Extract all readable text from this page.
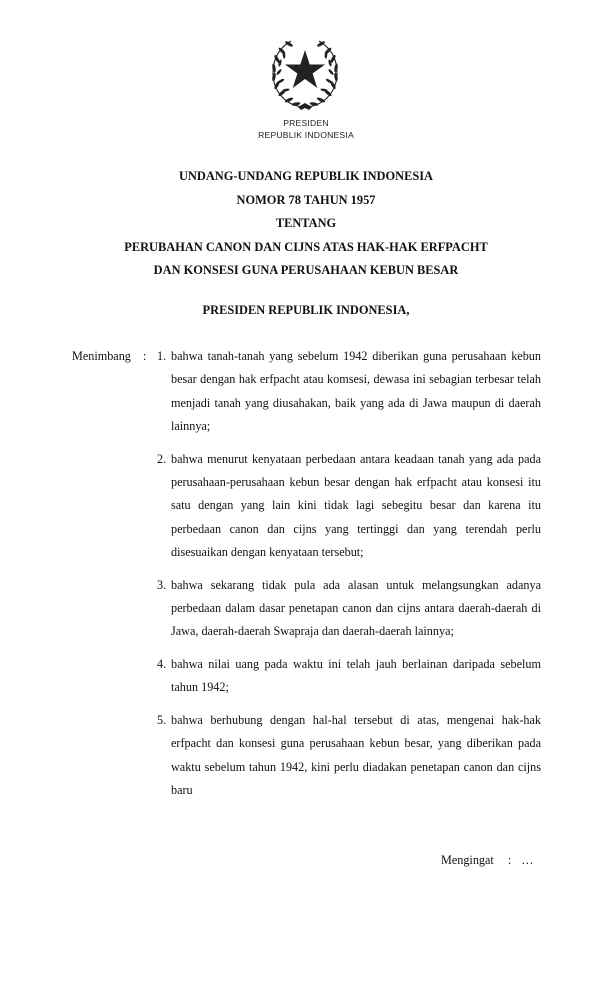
PRESIDEN
REPUBLIK INDONESIA
UNDANG-UNDANG REPUBLIK INDONESIA
NOMOR 78 TAHUN 1957
TENTANG
PERUBAHAN CANON DAN CIJNS ATAS HAK-HAK ERFPACHT
DAN KONSESI GUNA PERUSAHAAN KEBUN BESAR
PRESIDEN REPUBLIK INDONESIA,
Menimbang : 1. bahwa tanah-tanah yang sebelum 1942 diberikan guna perusahaan kebun besar dengan hak erfpacht atau komsesi, dewasa ini sebagian terbesar telah menjadi tanah yang diusahakan, baik yang ada di Jawa maupun di daerah lainnya;
2. bahwa menurut kenyataan perbedaan antara keadaan tanah yang ada pada perusahaan-perusahaan kebun besar dengan hak erfpacht atau konsesi itu satu dengan yang lain kini tidak lagi sebegitu besar dan karena itu perbedaan canon dan cijns yang tertinggi dan yang terendah perlu disesuaikan dengan kenyataan tersebut;
3. bahwa sekarang tidak pula ada alasan untuk melangsungkan adanya perbedaan dalam dasar penetapan canon dan cijns antara daerah-daerah di Jawa, daerah-daerah Swapraja dan daerah-daerah lainnya;
4. bahwa nilai uang pada waktu ini telah jauh berlainan daripada sebelum tahun 1942;
5. bahwa berhubung dengan hal-hal tersebut di atas, mengenai hak-hak erfpacht dan konsesi guna perusahaan kebun besar, yang diberikan pada waktu sebelum tahun 1942, kini perlu diadakan penetapan canon dan cijns baru
Mengingat : …
